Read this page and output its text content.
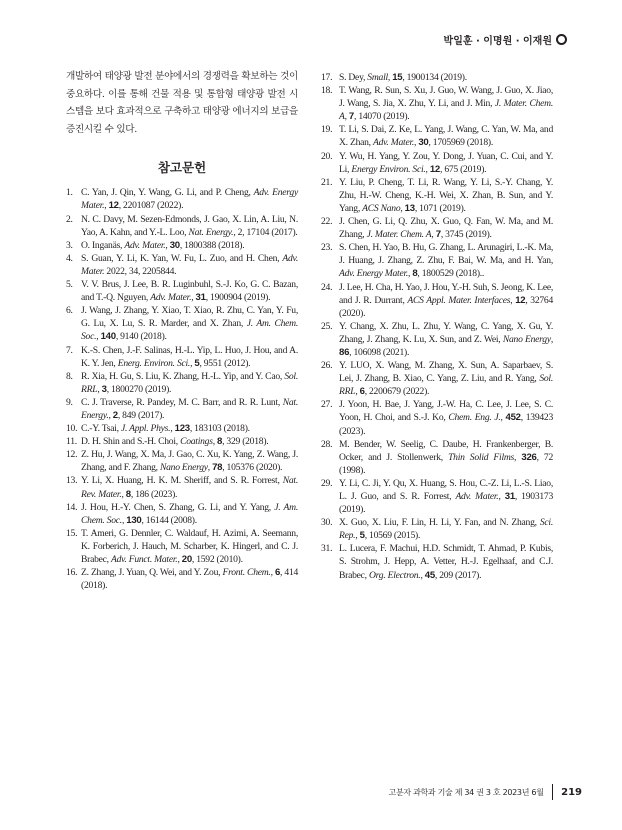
박일훈 · 이명원 · 이재원

개발하여 태양광 발전 분야에서의 경쟁력을 확보하는 것이 중요하다. 이를 통해 건물 적용 및 통합형 태양광 발전 시스템을 보다 효과적으로 구축하고 태양광 에너지의 보급을 증진시킬 수 있다.

참고문헌
1. C. Yan, J. Qin, Y. Wang, G. Li, and P. Cheng, Adv. Energy Mater., 12, 2201087 (2022).
2. N. C. Davy, M. Sezen-Edmonds, J. Gao, X. Lin, A. Liu, N. Yao, A. Kahn, and Y.-L. Loo, Nat. Energy., 2, 17104 (2017).
3. O. Inganäs, Adv. Mater., 30, 1800388 (2018).
4. S. Guan, Y. Li, K. Yan, W. Fu, L. Zuo, and H. Chen, Adv. Mater. 2022, 34, 2205844.
5. V. V. Brus, J. Lee, B. R. Luginbuhl, S.-J. Ko, G. C. Bazan, and T.-Q. Nguyen, Adv. Mater., 31, 1900904 (2019).
6. J. Wang, J. Zhang, Y. Xiao, T. Xiao, R. Zhu, C. Yan, Y. Fu, G. Lu, X. Lu, S. R. Marder, and X. Zhan, J. Am. Chem. Soc., 140, 9140 (2018).
7. K.-S. Chen, J.-F. Salinas, H.-L. Yip, L. Huo, J. Hou, and A. K. Y. Jen, Energ. Environ. Sci., 5, 9551 (2012).
8. R. Xia, H. Gu, S. Liu, K. Zhang, H.-L. Yip, and Y. Cao, Sol. RRL, 3, 1800270 (2019).
9. C. J. Traverse, R. Pandey, M. C. Barr, and R. R. Lunt, Nat. Energy., 2, 849 (2017).
10. C.-Y. Tsai, J. Appl. Phys., 123, 183103 (2018).
11. D. H. Shin and S.-H. Choi, Coatings, 8, 329 (2018).
12. Z. Hu, J. Wang, X. Ma, J. Gao, C. Xu, K. Yang, Z. Wang, J. Zhang, and F. Zhang, Nano Energy, 78, 105376 (2020).
13. Y. Li, X. Huang, H. K. M. Sheriff, and S. R. Forrest, Nat. Rev. Mater., 8, 186 (2023).
14. J. Hou, H.-Y. Chen, S. Zhang, G. Li, and Y. Yang, J. Am. Chem. Soc., 130, 16144 (2008).
15. T. Ameri, G. Dennler, C. Waldauf, H. Azimi, A. Seemann, K. Forberich, J. Hauch, M. Scharber, K. Hingerl, and C. J. Brabec, Adv. Funct. Mater., 20, 1592 (2010).
16. Z. Zhang, J. Yuan, Q. Wei, and Y. Zou, Front. Chem., 6, 414 (2018).
17. S. Dey, Small, 15, 1900134 (2019).
18. T. Wang, R. Sun, S. Xu, J. Guo, W. Wang, J. Guo, X. Jiao, J. Wang, S. Jia, X. Zhu, Y. Li, and J. Min, J. Mater. Chem. A, 7, 14070 (2019).
19. T. Li, S. Dai, Z. Ke, L. Yang, J. Wang, C. Yan, W. Ma, and X. Zhan, Adv. Mater., 30, 1705969 (2018).
20. Y. Wu, H. Yang, Y. Zou, Y. Dong, J. Yuan, C. Cui, and Y. Li, Energy Environ. Sci., 12, 675 (2019).
21. Y. Liu, P. Cheng, T. Li, R. Wang, Y. Li, S.-Y. Chang, Y. Zhu, H.-W. Cheng, K.-H. Wei, X. Zhan, B. Sun, and Y. Yang, ACS Nano, 13, 1071 (2019).
22. J. Chen, G. Li, Q. Zhu, X. Guo, Q. Fan, W. Ma, and M. Zhang, J. Mater. Chem. A, 7, 3745 (2019).
23. S. Chen, H. Yao, B. Hu, G. Zhang, L. Arunagiri, L.-K. Ma, J. Huang, J. Zhang, Z. Zhu, F. Bai, W. Ma, and H. Yan, Adv. Energy Mater., 8, 1800529 (2018)..
24. J. Lee, H. Cha, H. Yao, J. Hou, Y.-H. Suh, S. Jeong, K. Lee, and J. R. Durrant, ACS Appl. Mater. Interfaces, 12, 32764 (2020).
25. Y. Chang, X. Zhu, L. Zhu, Y. Wang, C. Yang, X. Gu, Y. Zhang, J. Zhang, K. Lu, X. Sun, and Z. Wei, Nano Energy, 86, 106098 (2021).
26. Y. LUO, X. Wang, M. Zhang, X. Sun, A. Saparbaev, S. Lei, J. Zhang, B. Xiao, C. Yang, Z. Liu, and R. Yang, Sol. RRL, 6, 2200679 (2022).
27. J. Yoon, H. Bae, J. Yang, J.-W. Ha, C. Lee, J. Lee, S. C. Yoon, H. Choi, and S.-J. Ko, Chem. Eng. J., 452, 139423 (2023).
28. M. Bender, W. Seelig, C. Daube, H. Frankenberger, B. Ocker, and J. Stollenwerk, Thin Solid Films, 326, 72 (1998).
29. Y. Li, C. Ji, Y. Qu, X. Huang, S. Hou, C.-Z. Li, L.-S. Liao, L. J. Guo, and S. R. Forrest, Adv. Mater., 31, 1903173 (2019).
30. X. Guo, X. Liu, F. Lin, H. Li, Y. Fan, and N. Zhang, Sci. Rep., 5, 10569 (2015).
31. L. Lucera, F. Machui, H.D. Schmidt, T. Ahmad, P. Kubis, S. Strohm, J. Hepp, A. Vetter, H.-J. Egelhaaf, and C.J. Brabec, Org. Electron., 45, 209 (2017).
고분자 과학과 기술 제 34 권 3 호 2023년 6월 219
